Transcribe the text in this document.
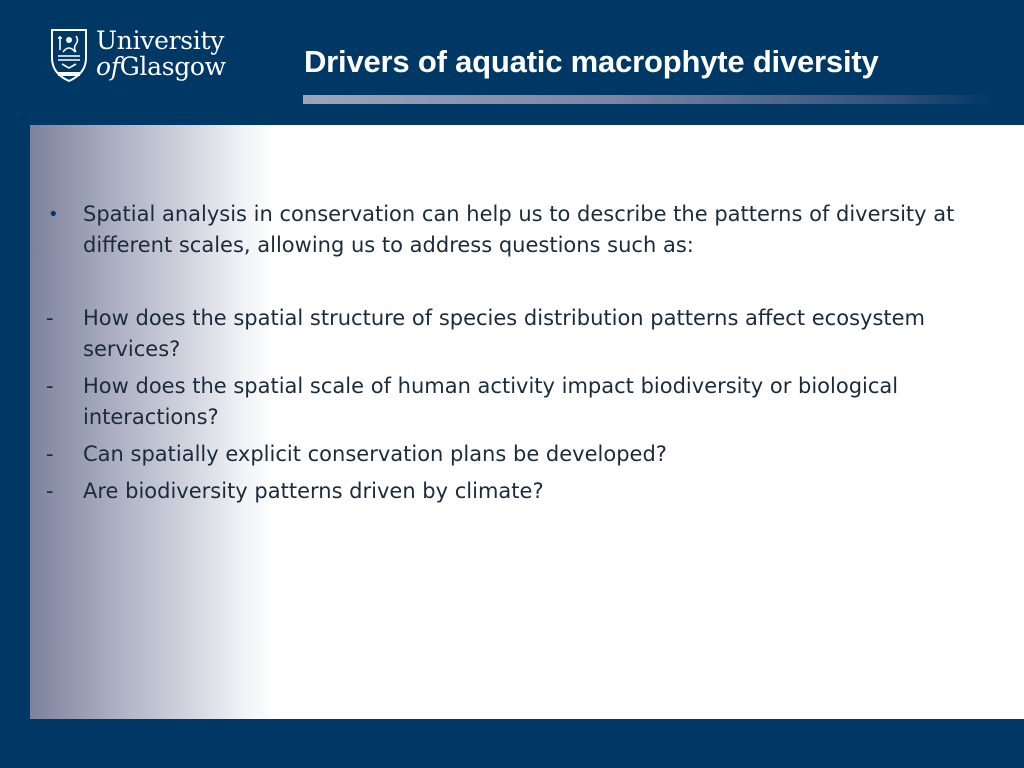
University
ofGlasgow	Drivers of aquatic macrophyte diversity
•	Spatial analysis in conservation can help us to describe the patterns of diversity at different scales, allowing us to address questions such as:
-	How does the spatial structure of species distribution patterns affect ecosystem services?
-	How does the spatial scale of human activity impact biodiversity or biological interactions?
-	Can spatially explicit conservation plans be developed?
-	Are biodiversity patterns driven by climate?
